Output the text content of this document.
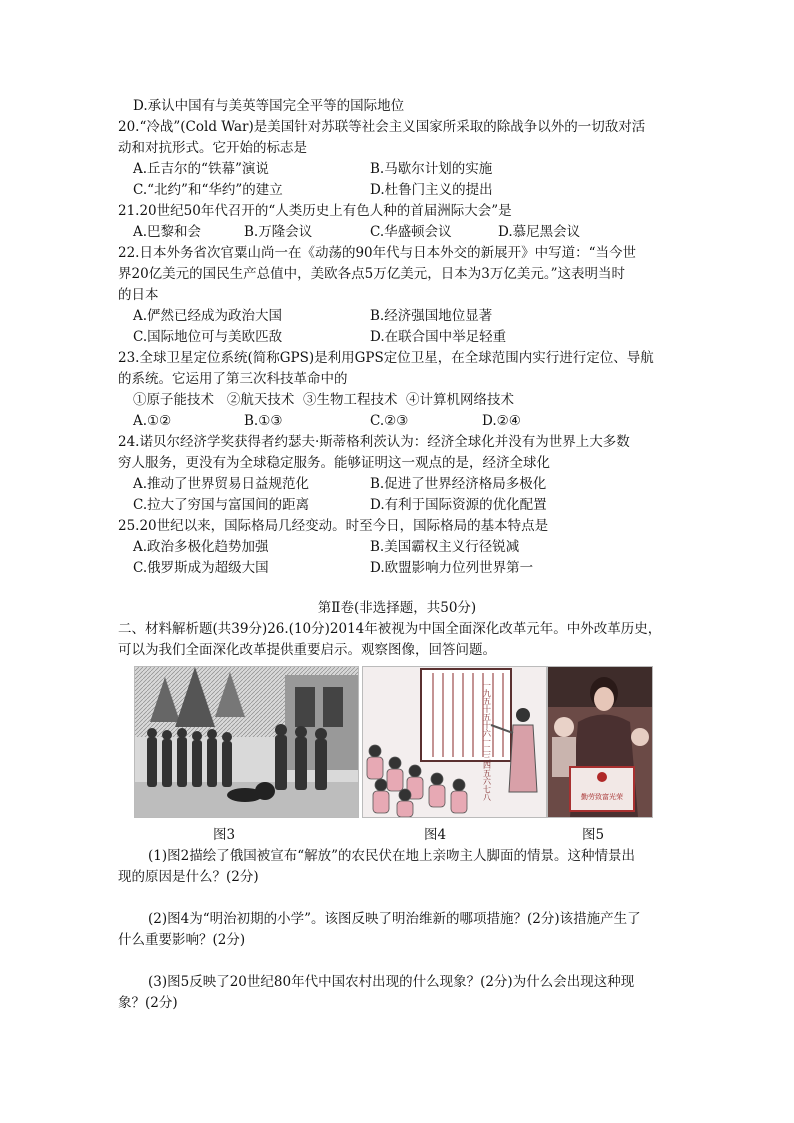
D.承认中国有与美英等国完全平等的国际地位
20.“冷战”(Cold War)是美国针对苏联等社会主义国家所采取的除战争以外的一切敌对活
动和对抗形式。它开始的标志是
A.丘吉尔的“铁幕”演说	B.马歇尔计划的实施
C.“北约”和“华约”的建立	D.杜鲁门主义的提出
21.20世纪50年代召开的“人类历史上有色人种的首届洲际大会”是
A.巴黎和会	B.万隆会议	C.华盛顿会议	D.慕尼黑会议
22.日本外务省次官粟山尚一在《动荡的90年代与日本外交的新展开》中写道：“当今世
界20亿美元的国民生产总值中，美欧各点5万亿美元，日本为3万亿美元。”这表明当时
的日本
A.俨然已经成为政治大国	B.经济强国地位显著
C.国际地位可与美欧匹敌	D.在联合国中举足轻重
23.全球卫星定位系统(简称GPS)是利用GPS定位卫星，在全球范围内实行进行定位、导航
的系统。它运用了第三次科技革命中的
①原子能技术   ②航天技术  ③生物工程技术  ④计算机网络技术
A.①②	B.①③	C.②③	D.②④
24.诺贝尔经济学奖获得者约瑟夫·斯蒂格利茨认为：经济全球化并没有为世界上大多数
穷人服务，更没有为全球稳定服务。能够证明这一观点的是，经济全球化
A.推动了世界贸易日益规范化	B.促进了世界经济格局多极化
C.拉大了穷国与富国间的距离	D.有利于国际资源的优化配置
25.20世纪以来，国际格局几经变动。时至今日，国际格局的基本特点是
A.政治多极化趋势加强	B.美国霸权主义行径锐减
C.俄罗斯成为超级大国	D.欧盟影响力位列世界第一
第Ⅱ卷(非选择题，共50分)
二、材料解析题(共39分)26.(10分)2014年被视为中国全面深化改革元年。中外改革历史，
可以为我们全面深化改革提供重要启示。观察图像，回答问题。
一九五十五十六一二三四五六七八	勤劳致富光荣
图3	图4	图5
(1)图2描绘了俄国被宣布“解放”的农民伏在地上亲吻主人脚面的情景。这种情景出
现的原因是什么？(2分)
(2)图4为“明治初期的小学”。该图反映了明治维新的哪项措施？(2分)该措施产生了
什么重要影响？(2分)
(3)图5反映了20世纪80年代中国农村出现的什么现象？(2分)为什么会出现这种现
象？(2分)
